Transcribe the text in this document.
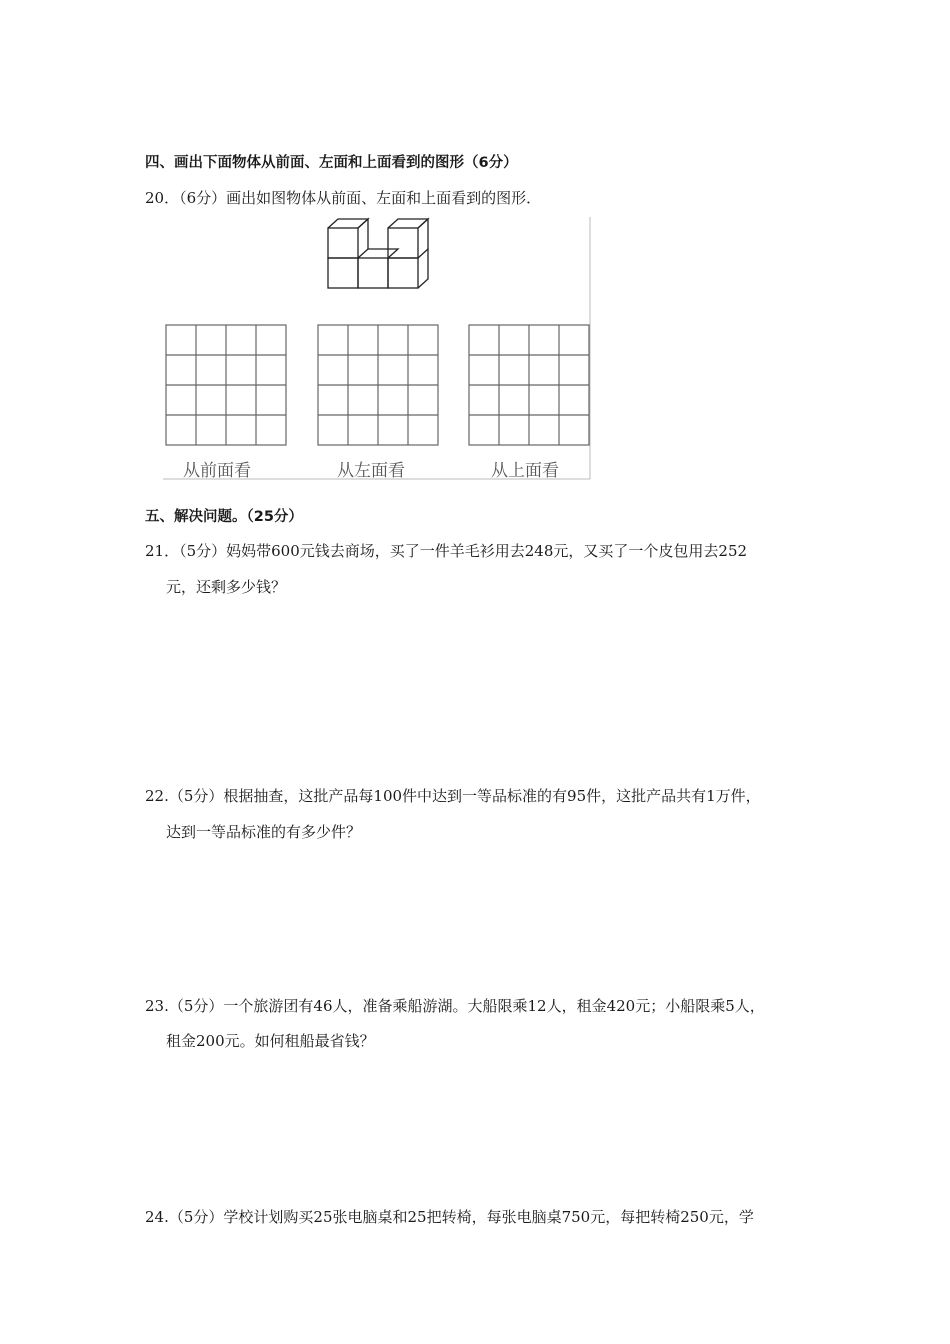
四、画出下面物体从前面、左面和上面看到的图形（6分）
20．（6分）画出如图物体从前面、左面和上面看到的图形．
从前面看	从左面看	从上面看
五、解决问题。（25分）
21．（5分）妈妈带600元钱去商场，买了一件羊毛衫用去248元，又买了一个皮包用去252
元，还剩多少钱？
22.（5分）根据抽查，这批产品每100件中达到一等品标准的有95件，这批产品共有1万件，
达到一等品标准的有多少件？
23.（5分）一个旅游团有46人，准备乘船游湖。大船限乘12人，租金420元；小船限乘5人，
租金200元。如何租船最省钱？
24.（5分）学校计划购买25张电脑桌和25把转椅，每张电脑桌750元，每把转椅250元，学
